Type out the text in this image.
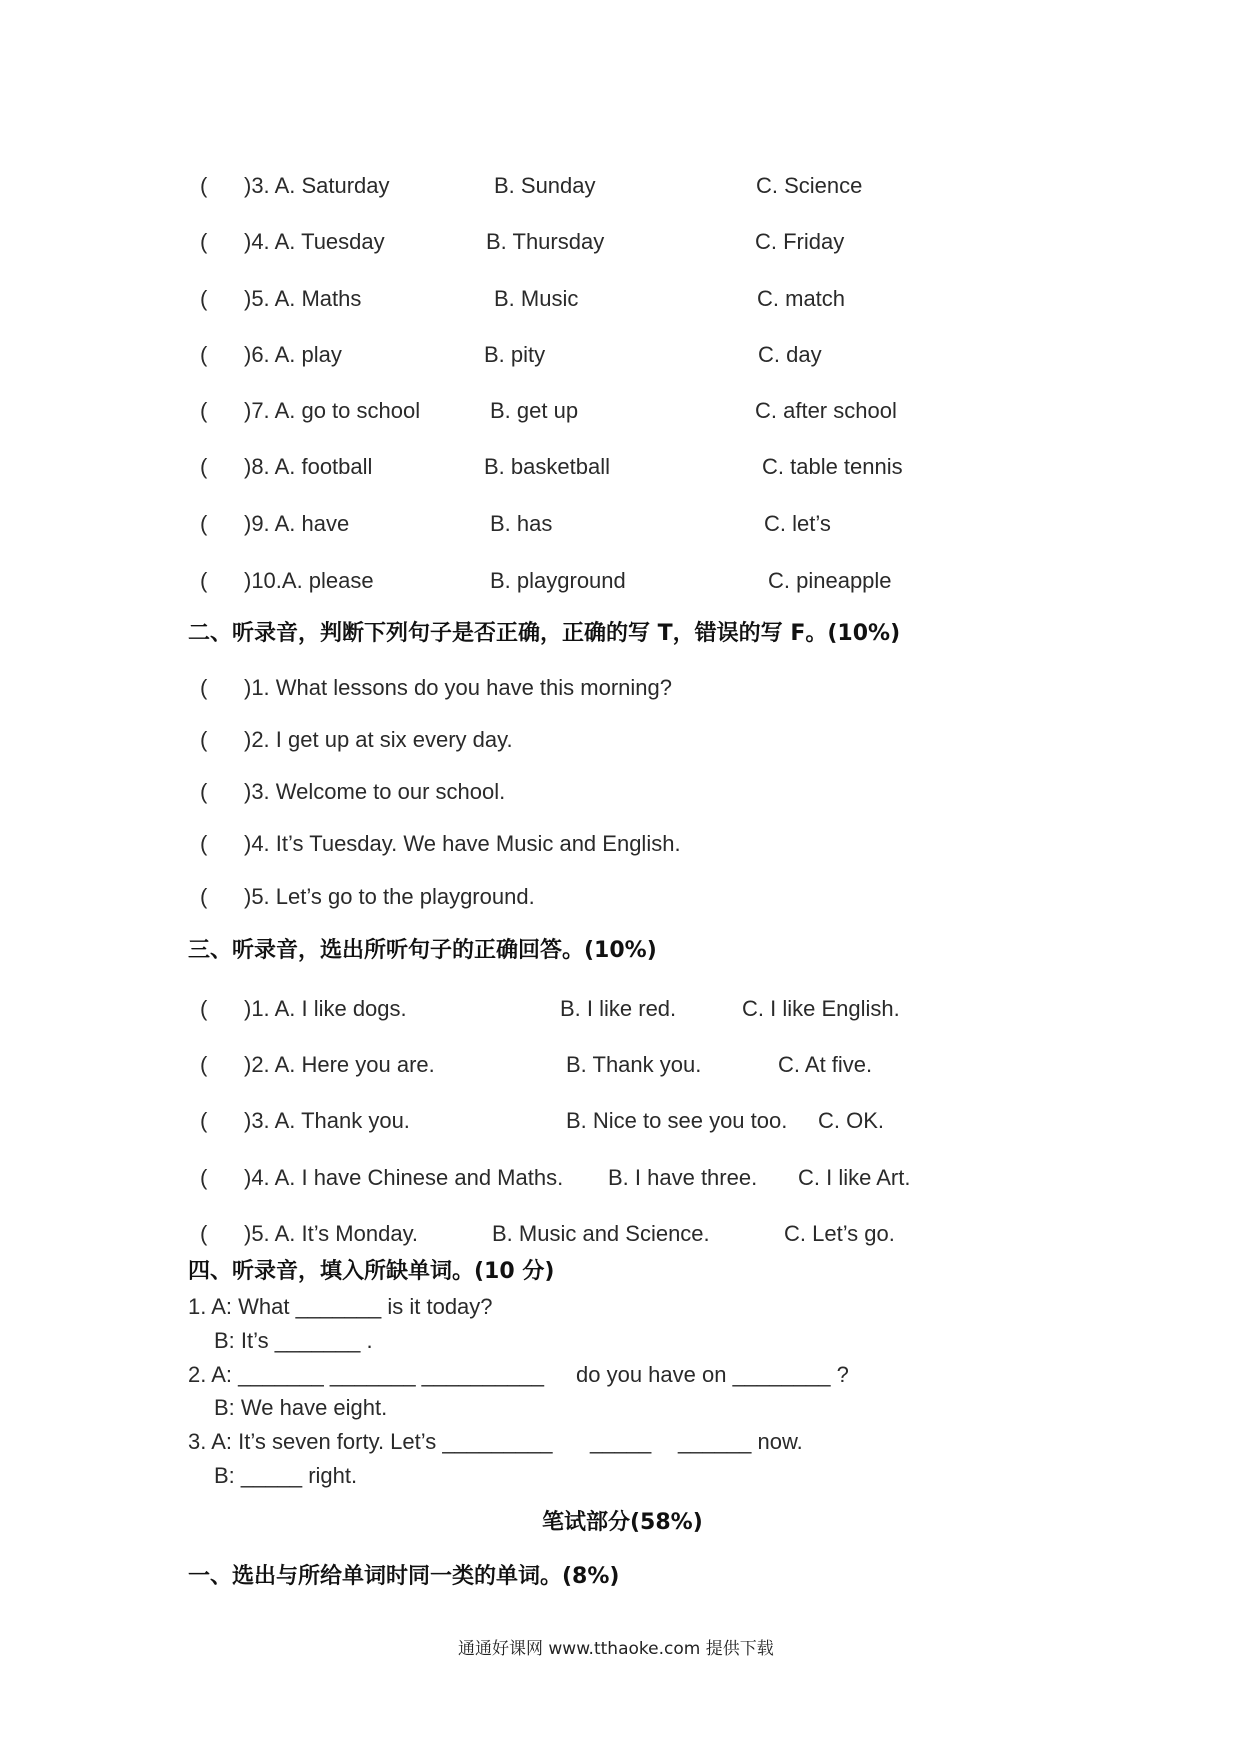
( )3. A. Saturday	B. Sunday	C. Science
( )4. A. Tuesday	B. Thursday	C. Friday
( )5. A. Maths	B. Music	C. match
( )6. A. play	B. pity	C. day
( )7. A. go to school	B. get up	C. after school
( )8. A. football	B. basketball	C. table tennis
( )9. A. have	B. has	C. let’s
( )10.A. please	B. playground	C. pineapple
二、听录音，判断下列句子是否正确，正确的写 T，错误的写 F。(10%)
( )1. What lessons do you have this morning?
( )2. I get up at six every day.
( )3. Welcome to our school.
( )4. It’s Tuesday. We have Music and English.
( )5. Let’s go to the playground.
三、听录音，选出所听句子的正确回答。(10%)
( )1. A. I like dogs.	B. I like red.	C. I like English.
( )2. A. Here you are.	B. Thank you.	C. At five.
( )3. A. Thank you.	B. Nice to see you too. C. OK.
( )4. A. I have Chinese and Maths. B. I have three. C. I like Art.
( )5. A. It’s Monday.	B. Music and Science.	C. Let’s go.
四、听录音，填入所缺单词。(10 分)
1. A: What _______ is it today?
B: It’s _______ .
2. A: _______ _______ __________ do you have on ________ ?
B: We have eight.
3. A: It’s seven forty. Let’s _________ _____ ______ now.
B: _____ right.
笔试部分(58%)
一、选出与所给单词时同一类的单词。(8%)
通通好课网 www.tthaoke.com 提供下载
